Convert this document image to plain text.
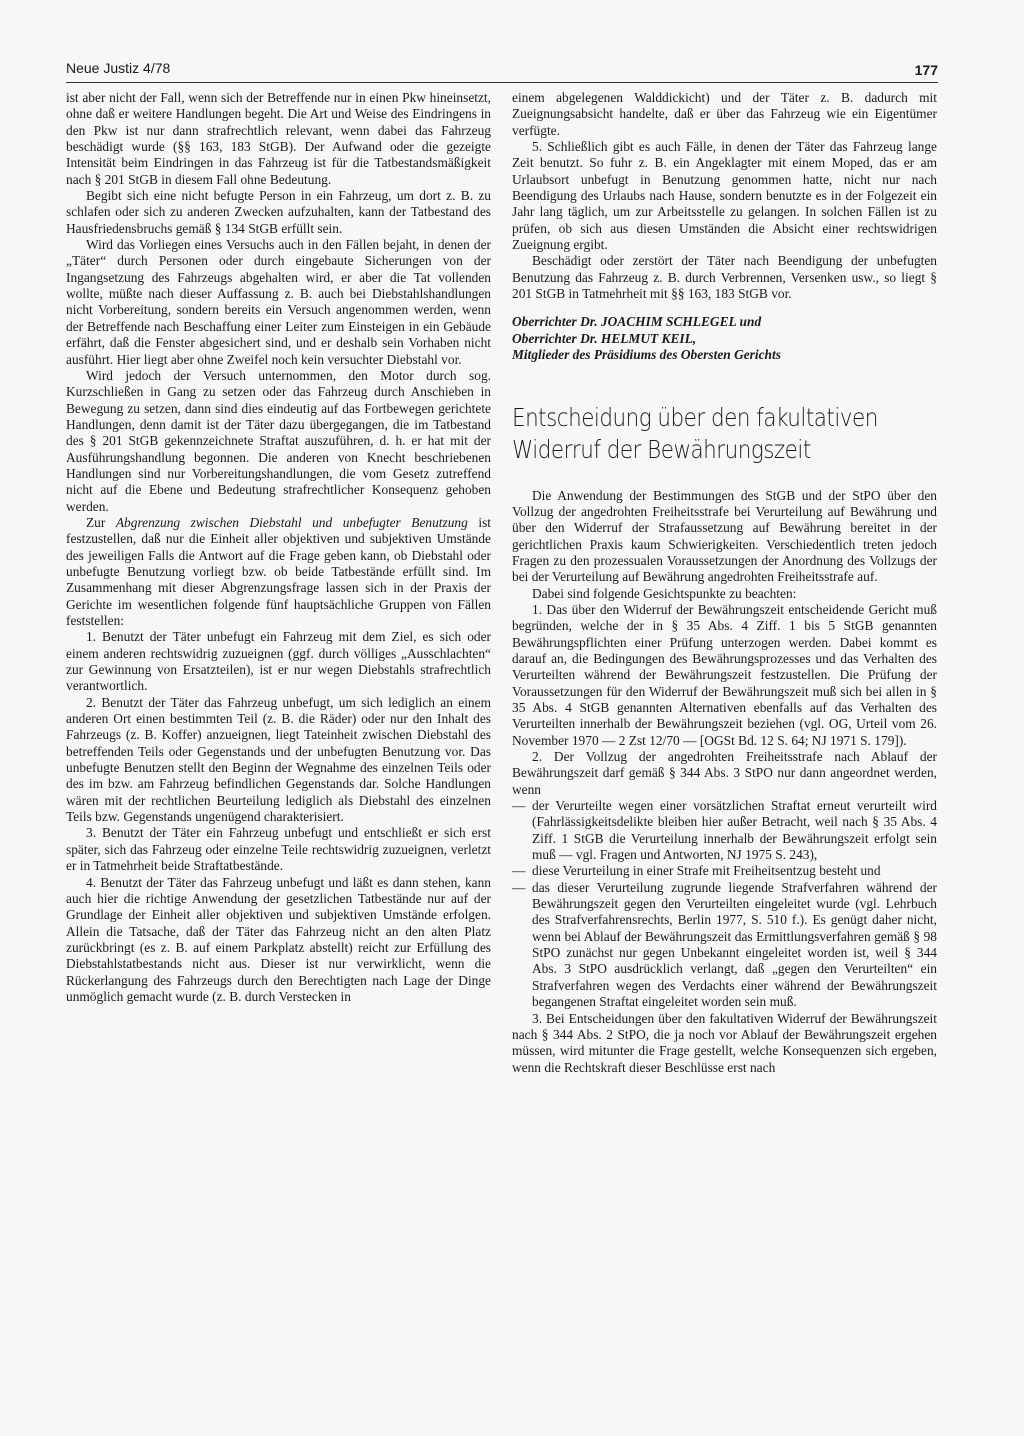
Neue Justiz 4/78	177

ist aber nicht der Fall, wenn sich der Betreffende nur in einen Pkw hineinsetzt, ohne daß er weitere Handlungen begeht. Die Art und Weise des Eindringens in den Pkw ist nur dann strafrechtlich relevant, wenn dabei das Fahrzeug beschädigt wurde (§§ 163, 183 StGB). Der Aufwand oder die gezeigte Intensität beim Eindringen in das Fahrzeug ist für die Tatbestandsmäßigkeit nach § 201 StGB in diesem Fall ohne Bedeutung.

Begibt sich eine nicht befugte Person in ein Fahrzeug, um dort z. B. zu schlafen oder sich zu anderen Zwecken aufzuhalten, kann der Tatbestand des Hausfriedensbruchs gemäß § 134 StGB erfüllt sein.

Wird das Vorliegen eines Versuchs auch in den Fällen bejaht, in denen der „Täter“ durch Personen oder durch eingebaute Sicherungen von der Ingangsetzung des Fahrzeugs abgehalten wird, er aber die Tat vollenden wollte, müßte nach dieser Auffassung z. B. auch bei Diebstahlshandlungen nicht Vorbereitung, sondern bereits ein Versuch angenommen werden, wenn der Betreffende nach Beschaffung einer Leiter zum Einsteigen in ein Gebäude erfährt, daß die Fenster abgesichert sind, und er deshalb sein Vorhaben nicht ausführt. Hier liegt aber ohne Zweifel noch kein versuchter Diebstahl vor.

Wird jedoch der Versuch unternommen, den Motor durch sog. Kurzschließen in Gang zu setzen oder das Fahrzeug durch Anschieben in Bewegung zu setzen, dann sind dies eindeutig auf das Fortbewegen gerichtete Handlungen, denn damit ist der Täter dazu übergegangen, die im Tatbestand des § 201 StGB gekennzeichnete Straftat auszuführen, d. h. er hat mit der Ausführungshandlung begonnen. Die anderen von Knecht beschriebenen Handlungen sind nur Vorbereitungshandlungen, die vom Gesetz zutreffend nicht auf die Ebene und Bedeutung strafrechtlicher Konsequenz gehoben werden.

Zur Abgrenzung zwischen Diebstahl und unbefugter Benutzung ist festzustellen, daß nur die Einheit aller objektiven und subjektiven Umstände des jeweiligen Falls die Antwort auf die Frage geben kann, ob Diebstahl oder unbefugte Benutzung vorliegt bzw. ob beide Tatbestände erfüllt sind. Im Zusammenhang mit dieser Abgrenzungsfrage lassen sich in der Praxis der Gerichte im wesentlichen folgende fünf hauptsächliche Gruppen von Fällen feststellen:

1. Benutzt der Täter unbefugt ein Fahrzeug mit dem Ziel, es sich oder einem anderen rechtswidrig zuzueignen (ggf. durch völliges „Ausschlachten“ zur Gewinnung von Ersatzteilen), ist er nur wegen Diebstahls strafrechtlich verantwortlich.

2. Benutzt der Täter das Fahrzeug unbefugt, um sich lediglich an einem anderen Ort einen bestimmten Teil (z. B. die Räder) oder nur den Inhalt des Fahrzeugs (z. B. Koffer) anzueignen, liegt Tateinheit zwischen Diebstahl des betreffenden Teils oder Gegenstands und der unbefugten Benutzung vor. Das unbefugte Benutzen stellt den Beginn der Wegnahme des einzelnen Teils oder des im bzw. am Fahrzeug befindlichen Gegenstands dar. Solche Handlungen wären mit der rechtlichen Beurteilung lediglich als Diebstahl des einzelnen Teils bzw. Gegenstands ungenügend charakterisiert.

3. Benutzt der Täter ein Fahrzeug unbefugt und entschließt er sich erst später, sich das Fahrzeug oder einzelne Teile rechtswidrig zuzueignen, verletzt er in Tatmehrheit beide Straftatbestände.

4. Benutzt der Täter das Fahrzeug unbefugt und läßt es dann stehen, kann auch hier die richtige Anwendung der gesetzlichen Tatbestände nur auf der Grundlage der Einheit aller objektiven und subjektiven Umstände erfolgen. Allein die Tatsache, daß der Täter das Fahrzeug nicht an den alten Platz zurückbringt (es z. B. auf einem Parkplatz abstellt) reicht zur Erfüllung des Diebstahlstatbestands nicht aus. Dieser ist nur verwirklicht, wenn die Rückerlangung des Fahrzeugs durch den Berechtigten nach Lage der Dinge unmöglich gemacht wurde (z. B. durch Verstecken in

einem abgelegenen Walddickicht) und der Täter z. B. dadurch mit Zueignungsabsicht handelte, daß er über das Fahrzeug wie ein Eigentümer verfügte.

5. Schließlich gibt es auch Fälle, in denen der Täter das Fahrzeug lange Zeit benutzt. So fuhr z. B. ein Angeklagter mit einem Moped, das er am Urlaubsort unbefugt in Benutzung genommen hatte, nicht nur nach Beendigung des Urlaubs nach Hause, sondern benutzte es in der Folgezeit ein Jahr lang täglich, um zur Arbeitsstelle zu gelangen. In solchen Fällen ist zu prüfen, ob sich aus diesen Umständen die Absicht einer rechtswidrigen Zueignung ergibt.

Beschädigt oder zerstört der Täter nach Beendigung der unbefugten Benutzung das Fahrzeug z. B. durch Verbrennen, Versenken usw., so liegt § 201 StGB in Tatmehrheit mit §§ 163, 183 StGB vor.

Oberrichter Dr. JOACHIM SCHLEGEL und
Oberrichter Dr. HELMUT KEIL,
Mitglieder des Präsidiums des Obersten Gerichts
Entscheidung über den fakultativen
Widerruf der Bewährungszeit

Die Anwendung der Bestimmungen des StGB und der StPO über den Vollzug der angedrohten Freiheitsstrafe bei Verurteilung auf Bewährung und über den Widerruf der Strafaussetzung auf Bewährung bereitet in der gerichtlichen Praxis kaum Schwierigkeiten. Verschiedentlich treten jedoch Fragen zu den prozessualen Voraussetzungen der Anordnung des Vollzugs der bei der Verurteilung auf Bewährung angedrohten Freiheitsstrafe auf.

Dabei sind folgende Gesichtspunkte zu beachten:

1. Das über den Widerruf der Bewährungszeit entscheidende Gericht muß begründen, welche der in § 35 Abs. 4 Ziff. 1 bis 5 StGB genannten Bewährungspflichten einer Prüfung unterzogen werden. Dabei kommt es darauf an, die Bedingungen des Bewährungsprozesses und das Verhalten des Verurteilten während der Bewährungszeit festzustellen. Die Prüfung der Voraussetzungen für den Widerruf der Bewährungszeit muß sich bei allen in § 35 Abs. 4 StGB genannten Alternativen ebenfalls auf das Verhalten des Verurteilten innerhalb der Bewährungszeit beziehen (vgl. OG, Urteil vom 26. November 1970 — 2 Zst 12/70 — [OGSt Bd. 12 S. 64; NJ 1971 S. 179]).

2. Der Vollzug der angedrohten Freiheitsstrafe nach Ablauf der Bewährungszeit darf gemäß § 344 Abs. 3 StPO nur dann angeordnet werden, wenn

— der Verurteilte wegen einer vorsätzlichen Straftat erneut verurteilt wird (Fahrlässigkeitsdelikte bleiben hier außer Betracht, weil nach § 35 Abs. 4 Ziff. 1 StGB die Verurteilung innerhalb der Bewährungszeit erfolgt sein muß — vgl. Fragen und Antworten, NJ 1975 S. 243),
— diese Verurteilung in einer Strafe mit Freiheitsentzug besteht und
— das dieser Verurteilung zugrunde liegende Strafverfahren während der Bewährungszeit gegen den Verurteilten eingeleitet wurde (vgl. Lehrbuch des Strafverfahrensrechts, Berlin 1977, S. 510 f.). Es genügt daher nicht, wenn bei Ablauf der Bewährungszeit das Ermittlungsverfahren gemäß § 98 StPO zunächst nur gegen Unbekannt eingeleitet worden ist, weil § 344 Abs. 3 StPO ausdrücklich verlangt, daß „gegen den Verurteilten“ ein Strafverfahren wegen des Verdachts einer während der Bewährungszeit begangenen Straftat eingeleitet worden sein muß.

3. Bei Entscheidungen über den fakultativen Widerruf der Bewährungszeit nach § 344 Abs. 2 StPO, die ja noch vor Ablauf der Bewährungszeit ergehen müssen, wird mitunter die Frage gestellt, welche Konsequenzen sich ergeben, wenn die Rechtskraft dieser Beschlüsse erst nach
